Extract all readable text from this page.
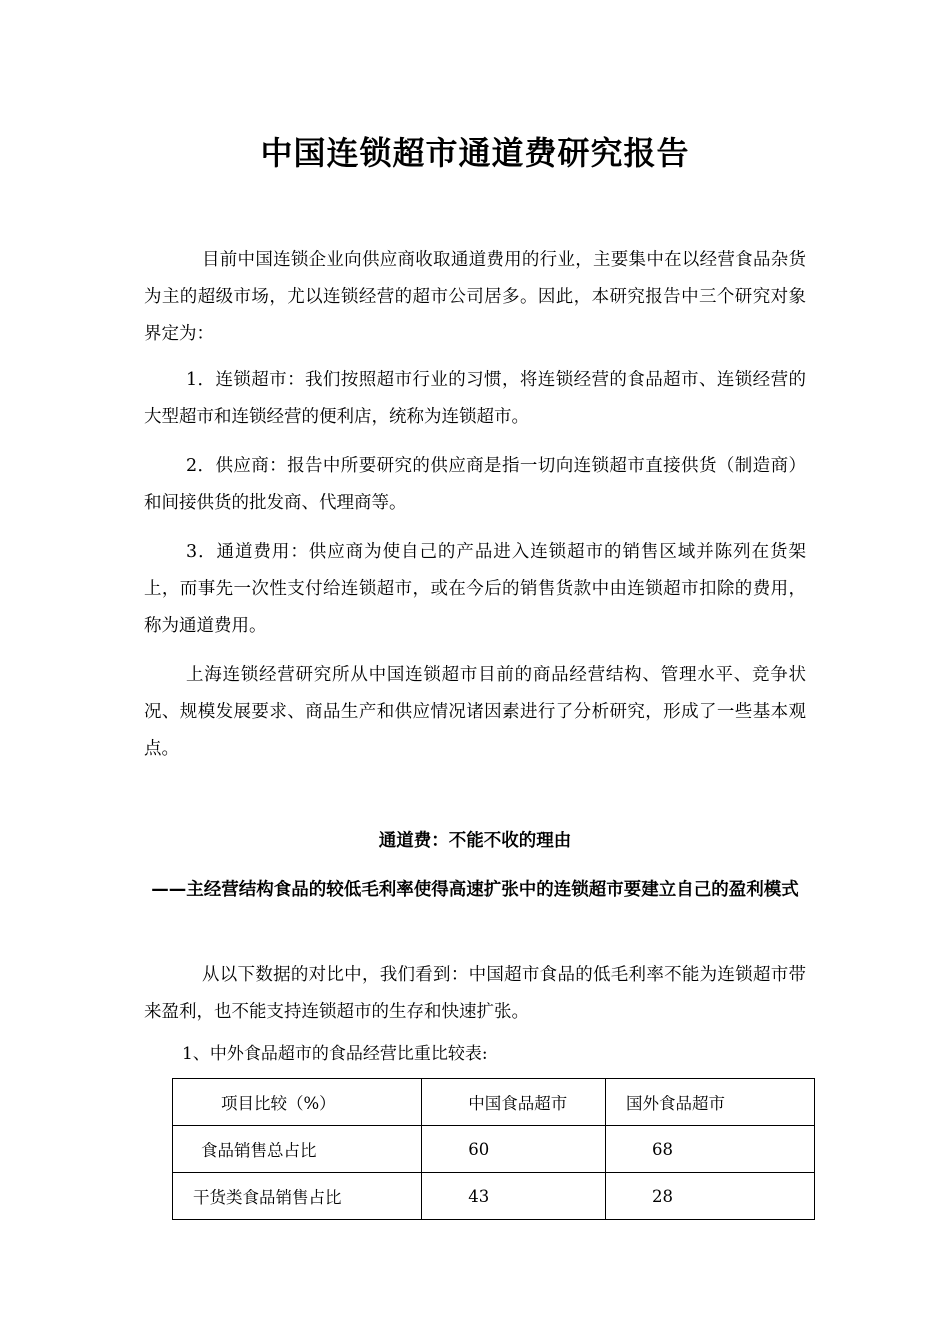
中国连锁超市通道费研究报告

目前中国连锁企业向供应商收取通道费用的行业，主要集中在以经营食品杂货为主的超级市场，尤以连锁经营的超市公司居多。因此，本研究报告中三个研究对象界定为：

1．连锁超市：我们按照超市行业的习惯，将连锁经营的食品超市、连锁经营的大型超市和连锁经营的便利店，统称为连锁超市。

2．供应商：报告中所要研究的供应商是指一切向连锁超市直接供货（制造商）和间接供货的批发商、代理商等。

3．通道费用：供应商为使自己的产品进入连锁超市的销售区域并陈列在货架上，而事先一次性支付给连锁超市，或在今后的销售货款中由连锁超市扣除的费用，称为通道费用。

上海连锁经营研究所从中国连锁超市目前的商品经营结构、管理水平、竞争状况、规模发展要求、商品生产和供应情况诸因素进行了分析研究，形成了一些基本观点。

通道费：不能不收的理由

——主经营结构食品的较低毛利率使得高速扩张中的连锁超市要建立自己的盈利模式

从以下数据的对比中，我们看到：中国超市食品的低毛利率不能为连锁超市带来盈利，也不能支持连锁超市的生存和快速扩张。

1、中外食品超市的食品经营比重比较表:
项目比较（%）	中国食品超市	国外食品超市
食品销售总占比	60	68
干货类食品销售占比	43	28
